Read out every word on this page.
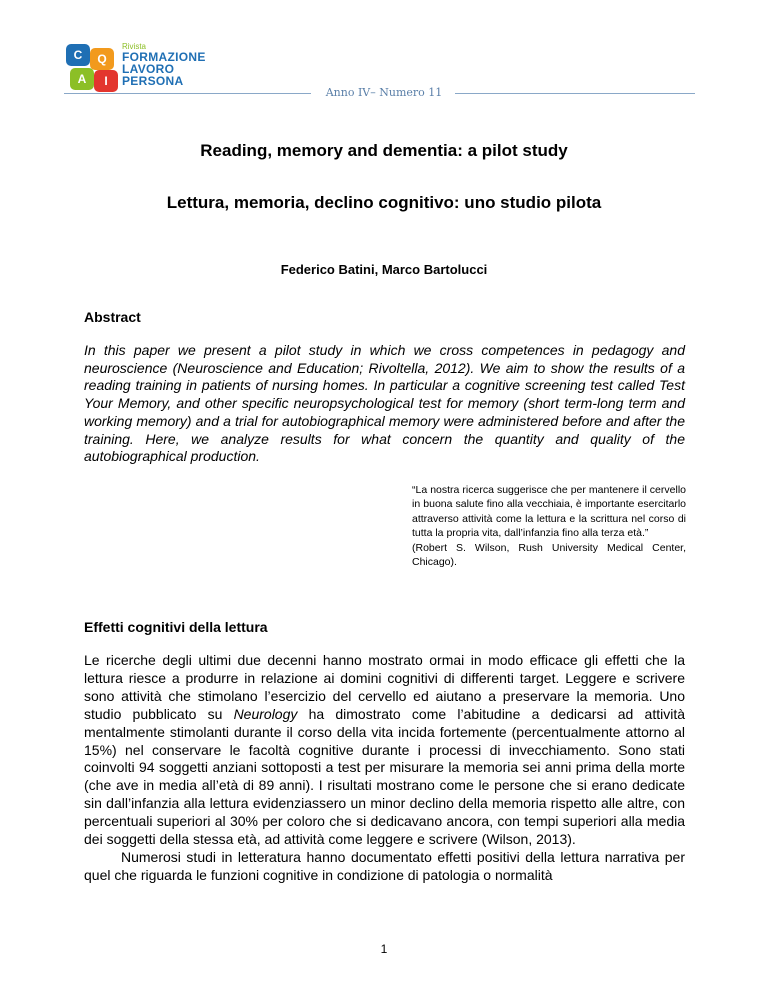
C	Q
A	I
Rivista
FORMAZIONE
LAVORO
PERSONA
Anno IV– Numero 11
Reading, memory and dementia: a pilot study
Lettura, memoria, declino cognitivo: uno studio pilota
Federico Batini, Marco Bartolucci
Abstract

In this paper we present a pilot study in which we cross competences in pedagogy and neuroscience (Neuroscience and Education; Rivoltella, 2012). We aim to show the results of a reading training in patients of nursing homes. In particular a cognitive screening test called Test Your Memory, and other specific neuropsychological test for memory (short term-long term and working memory) and a trial for autobiographical memory were administered before and after the training. Here, we analyze results for what concern the quantity and quality of the autobiographical production.

“La nostra ricerca suggerisce che per mantenere il cervello in buona salute fino alla vecchiaia, è importante esercitarlo attraverso attività come la lettura e la scrittura nel corso di tutta la propria vita, dall’infanzia fino alla terza età.”
(Robert S. Wilson, Rush University Medical Center, Chicago).
Effetti cognitivi della lettura
Le ricerche degli ultimi due decenni hanno mostrato ormai in modo efficace gli effetti che la lettura riesce a produrre in relazione ai domini cognitivi di differenti target. Leggere e scrivere sono attività che stimolano l’esercizio del cervello ed aiutano a preservare la memoria. Uno studio pubblicato su Neurology ha dimostrato come l’abitudine a dedicarsi ad attività mentalmente stimolanti durante il corso della vita incida fortemente (percentualmente attorno al 15%) nel conservare le facoltà cognitive durante i processi di invecchiamento. Sono stati coinvolti 94 soggetti anziani sottoposti a test per misurare la memoria sei anni prima della morte (che ave in media all’età di 89 anni). I risultati mostrano come le persone che si erano dedicate sin dall’infanzia alla lettura evidenziassero un minor declino della memoria rispetto alle altre, con percentuali superiori al 30% per coloro che si dedicavano ancora, con tempi superiori alla media dei soggetti della stessa età, ad attività come leggere e scrivere (Wilson, 2013).
Numerosi studi in letteratura hanno documentato effetti positivi della lettura narrativa per quel che riguarda le funzioni cognitive in condizione di patologia o normalità
1
